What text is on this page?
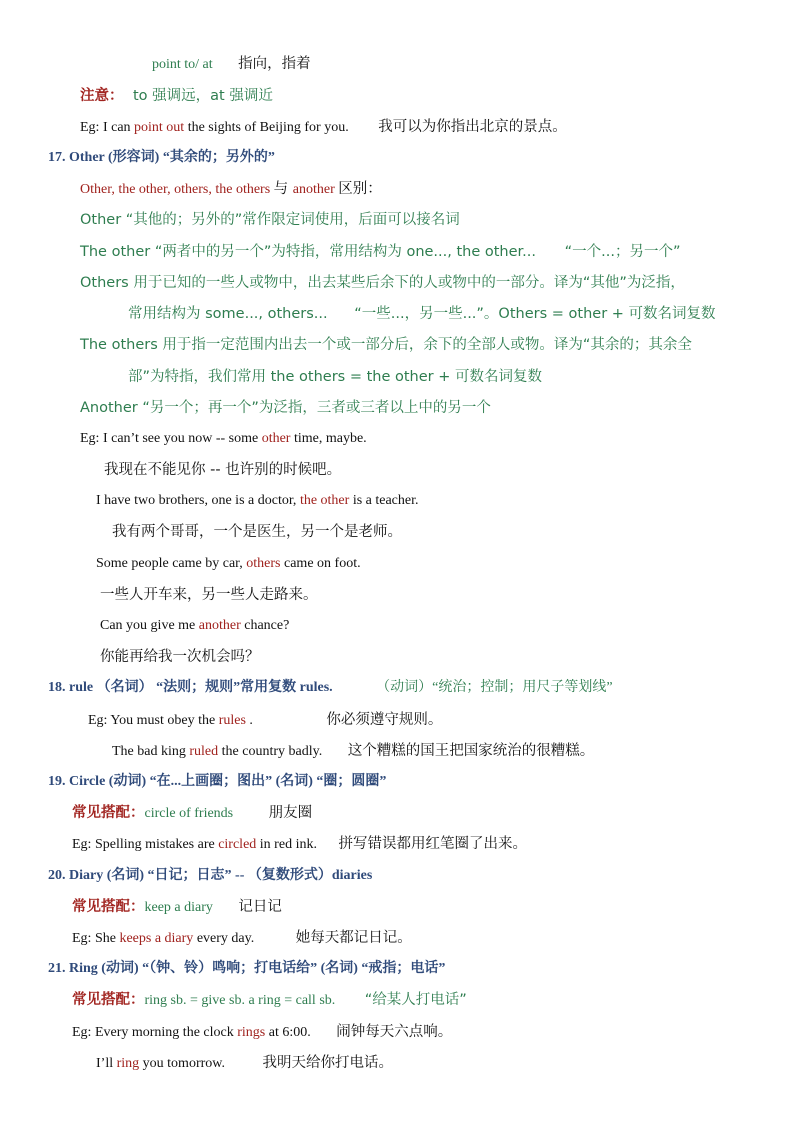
point to/ at 指向，指着
注意： to 强调远，at 强调近
Eg: I can point out the sights of Beijing for you. 我可以为你指出北京的景点。
17. Other (形容词) “其余的；另外的”
Other, the other, others, the others 与 another 区别：
Other “其他的；另外的”常作限定词使用，后面可以接名词
The other “两者中的另一个”为特指，常用结构为 one..., the other... “一个...；另一个”
Others 用于已知的一些人或物中，出去某些后余下的人或物中的一部分。译为“其他”为泛指，
常用结构为 some..., others... “一些...，另一些...”。Others = other + 可数名词复数
The others 用于指一定范围内出去一个或一部分后，余下的全部人或物。译为“其余的；其余全
部”为特指，我们常用 the others = the other + 可数名词复数
Another “另一个；再一个”为泛指，三者或三者以上中的另一个
Eg: I can’t see you now -- some other time, maybe.
我现在不能见你 -- 也许别的时候吧。
I have two brothers, one is a doctor, the other is a teacher.
我有两个哥哥，一个是医生，另一个是老师。
Some people came by car, others came on foot.
一些人开车来，另一些人走路来。
Can you give me another chance?
你能再给我一次机会吗？
18. rule （名词） “法则；规则”常用复数 rules.	（动词）“统治；控制；用尺子等划线”
Eg: You must obey the rules .	你必须遵守规则。
The bad king ruled the country badly. 这个糟糕的国王把国家统治的很糟糕。
19. Circle (动词) “在...上画圈；图出” (名词) “圈；圆圈”
常见搭配：circle of friends 朋友圈
Eg: Spelling mistakes are circled in red ink. 拼写错误都用红笔圈了出来。
20. Diary (名词) “日记；日志” -- （复数形式）diaries
常见搭配：keep a diary 记日记
Eg: She keeps a diary every day.	她每天都记日记。
21. Ring (动词) “（钟、铃）鸣响；打电话给” (名词) “戒指；电话”
常见搭配：ring sb. = give sb. a ring = call sb. “给某人打电话”
Eg: Every morning the clock rings at 6:00. 闹钟每天六点响。
I’ll ring you tomorrow.	我明天给你打电话。
